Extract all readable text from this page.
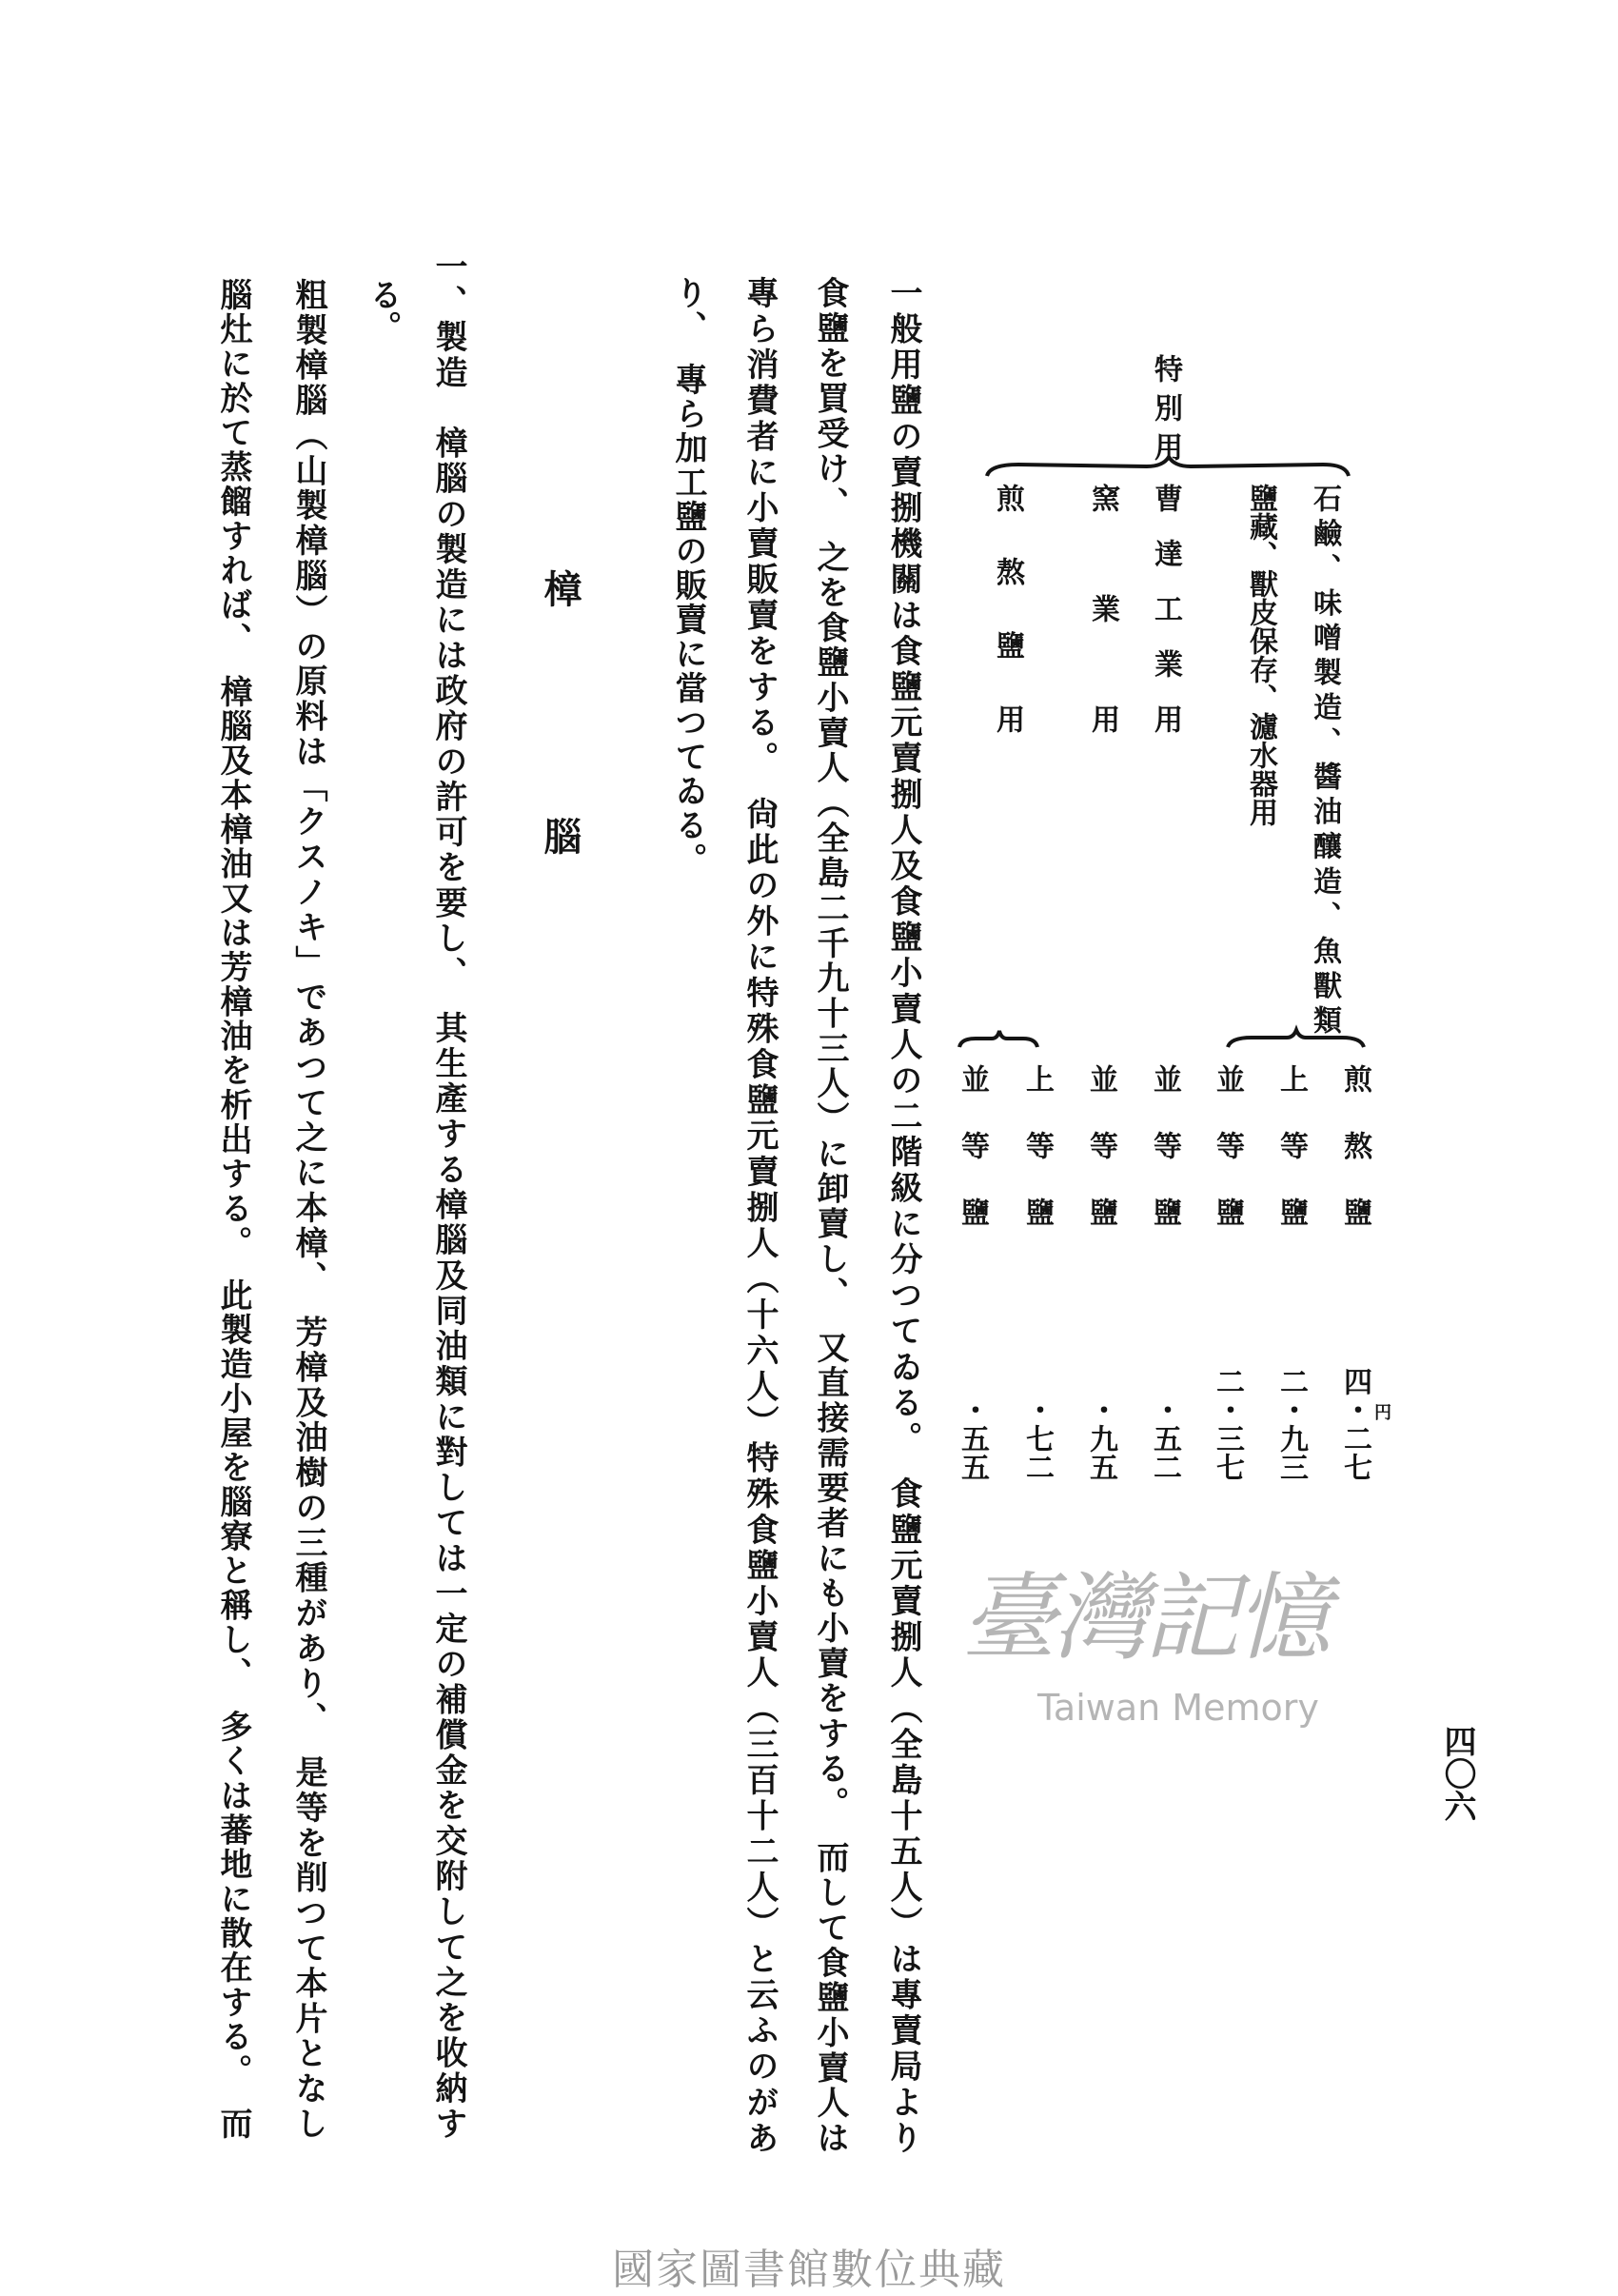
四〇六
特別用
石鹼、味噌製造、醬油釀造、魚獸類
鹽藏、獸皮保存、濾水器用
曹達工業用
窯業用
煎熬鹽用
煎熬鹽
上等鹽
並等鹽
並等鹽
並等鹽
上等鹽
並等鹽
円
四・二七
二・九三
二・三七
・五二
・九五
・七二
・五五
一般用鹽の賣捌機關は食鹽元賣捌人及食鹽小賣人の二階級に分つてゐる。　食鹽元賣捌人（全島十五人）は專賣局より
食鹽を買受け、　之を食鹽小賣人（全島二千九十三人）に卸賣し、　又直接需要者にも小賣をする。　而して食鹽小賣人は
專ら消費者に小賣販賣をする。　尙此の外に特殊食鹽元賣捌人（十六人）特殊食鹽小賣人（三百十二人）と云ふのがあ
り、　專ら加工鹽の販賣に當つてゐる。
樟
腦
一、製造　樟腦の製造には政府の許可を要し、　其生產する樟腦及同油類に對しては一定の補償金を交附して之を收納す
る。
粗製樟腦（山製樟腦）の原料は「クスノキ」であつて之に本樟、　芳樟及油樹の三種があり、　是等を削つて本片となし
腦灶に於て蒸餾すれば、　樟腦及本樟油又は芳樟油を析出する。　此製造小屋を腦寮と稱し、　多くは蕃地に散在する。　而	臺灣記憶
Taiwan Memory
國家圖書館數位典藏
